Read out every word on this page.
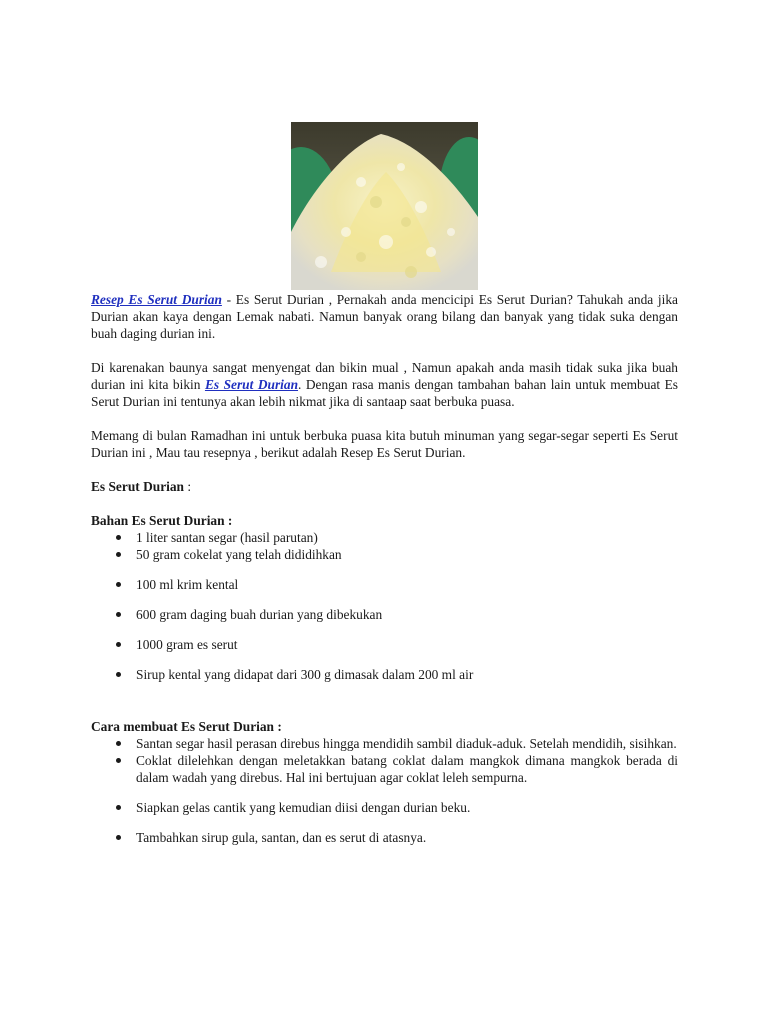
Resep Es Serut Durian - Es Serut Durian , Pernakah anda mencicipi Es Serut Durian? Tahukah anda jika Durian akan kaya dengan Lemak nabati. Namun banyak orang bilang dan banyak yang tidak suka dengan buah daging durian ini.

Di karenakan baunya sangat menyengat dan bikin mual , Namun apakah anda masih tidak suka jika buah durian ini kita bikin Es Serut Durian. Dengan rasa manis dengan tambahan bahan lain untuk membuat Es Serut Durian ini tentunya akan lebih nikmat jika di santaap saat berbuka puasa.

Memang di bulan Ramadhan ini untuk berbuka puasa kita butuh minuman yang segar-segar seperti Es Serut Durian ini , Mau tau resepnya , berikut adalah Resep Es Serut Durian.

Es Serut Durian :

Bahan Es Serut Durian :

1 liter santan segar (hasil parutan)
50 gram cokelat yang telah dididihkan
100 ml krim kental
600 gram daging buah durian yang dibekukan
1000 gram es serut
Sirup kental yang didapat dari 300 g dimasak dalam 200 ml air

Cara membuat Es Serut Durian :

Santan segar hasil perasan direbus hingga mendidih sambil diaduk-aduk. Setelah mendidih, sisihkan.
Coklat dilelehkan dengan meletakkan batang coklat dalam mangkok dimana mangkok berada di dalam wadah yang direbus. Hal ini bertujuan agar coklat leleh sempurna.
Siapkan gelas cantik yang kemudian diisi dengan durian beku.
Tambahkan sirup gula, santan, dan es serut di atasnya.
